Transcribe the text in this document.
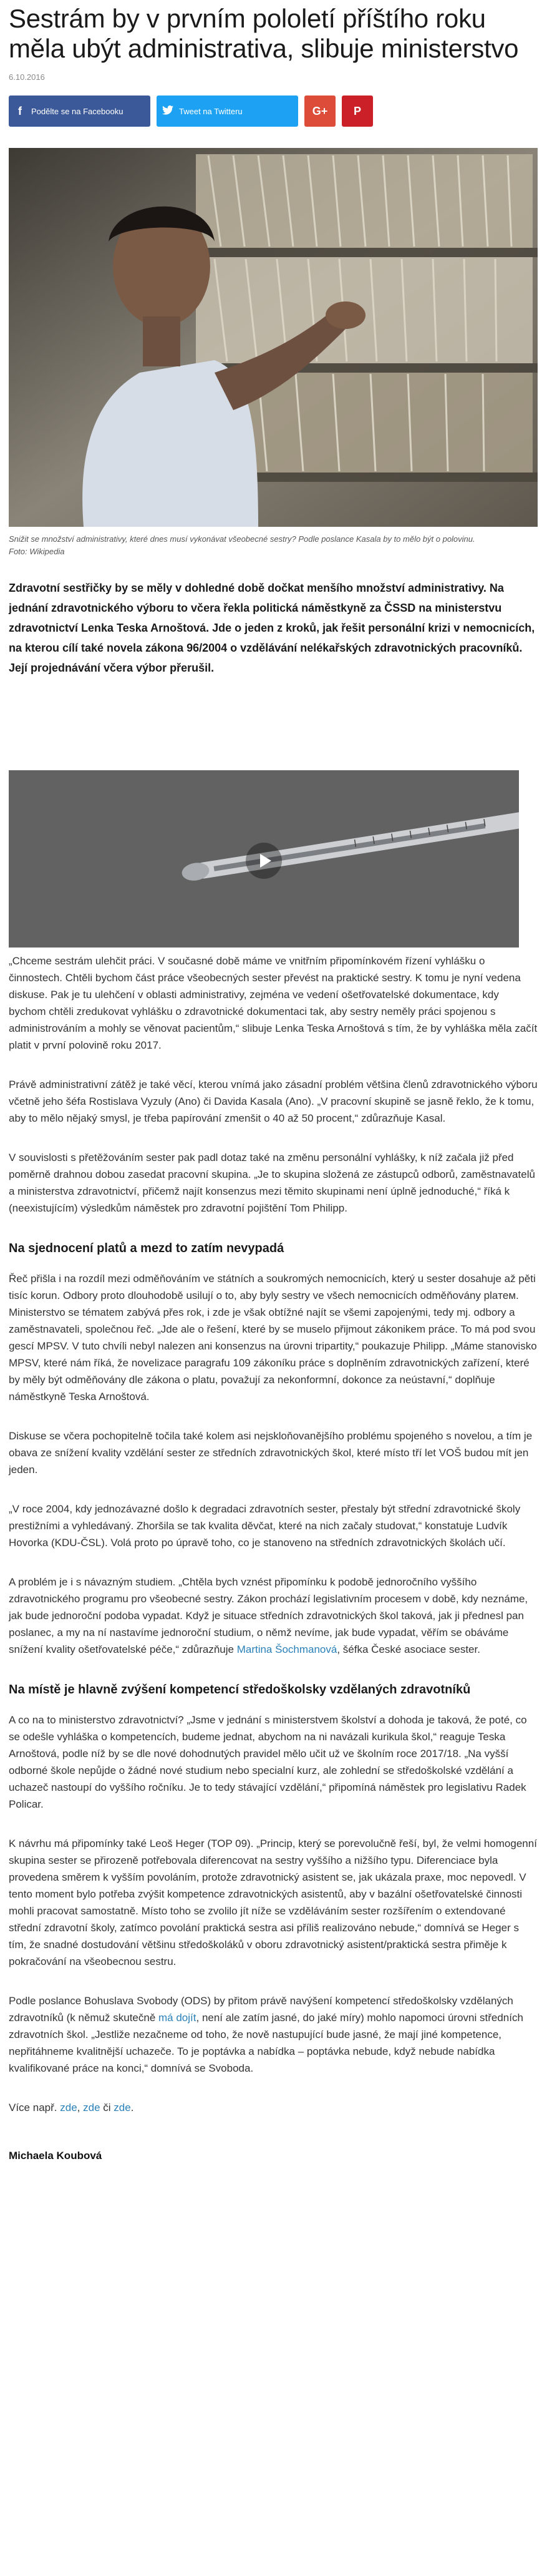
Sestrám by v prvním pololetí příštího roku měla ubýt administrativa, slibuje ministerstvo
6.10.2016
f	Podělte se na Facebooku	Tweet na Twitteru	G+ P

Snižit se množství administrativy, které dnes musí vykonávat všeobecné sestry? Podle poslance Kasala by to mělo být o polovinu. Foto: Wikipedia

Zdravotní sestřičky by se měly v dohledné době dočkat menšího množství administrativy. Na jednání zdravotnického výboru to včera řekla politická náměstkyně za ČSSD na ministerstvu zdravotnictví Lenka Teska Arnoštová. Jde o jeden z kroků, jak řešit personální krizi v nemocnicích, na kterou cílí také novela zákona 96/2004 o vzdělávání nelékařských zdravotnických pracovníků. Její projednávání včera výbor přerušil.

„Chceme sestrám ulehčit práci. V současné době máme ve vnitřním připomínkovém řízení vyhlášku o činnostech. Chtěli bychom část práce všeobecných sester převést na praktické sestry. K tomu je nyní vedena diskuse. Pak je tu ulehčení v oblasti administrativy, zejména ve vedení ošetřovatelské dokumentace, kdy bychom chtěli zredukovat vyhlášku o zdravotnické dokumentaci tak, aby sestry neměly práci spojenou s administrováním a mohly se věnovat pacientům,“ slibuje Lenka Teska Arnoštová s tím, že by vyhláška měla začít platit v první polovině roku 2017.

Právě administrativní zátěž je také věcí, kterou vnímá jako zásadní problém většina členů zdravotnického výboru včetně jeho šéfa Rostislava Vyzuly (Ano) či Davida Kasala (Ano). „V pracovní skupině se jasně řeklo, že k tomu, aby to mělo nějaký smysl, je třeba papírování zmenšit o 40 až 50 procent,“ zdůrazňuje Kasal.

V souvislosti s přetěžováním sester pak padl dotaz také na změnu personální vyhlášky, k níž začala již před poměrně drahnou dobou zasedat pracovní skupina. „Je to skupina složená ze zástupců odborů, zaměstnavatelů a ministerstva zdravotnictví, přičemž najít konsenzus mezi těmito skupinami není úplně jednoduché,“ říká k (neexistujícím) výsledkům náměstek pro zdravotní pojištění Tom Philipp.

Na sjednocení platů a mezd to zatím nevypadá

Řeč přišla i na rozdíl mezi odměňováním ve státních a soukromých nemocnicích, který u sester dosahuje až pěti tisíc korun. Odbory proto dlouhodobě usilují o to, aby byly sestry ve všech nemocnicích odměňovány plaтем. Ministerstvo se tématem zabývá přes rok, i zde je však obtížné najít se všemi zapojenými, tedy mj. odbory a zaměstnavateli, společnou řeč. „Jde ale o řešení, které by se muselo přijmout zákonikem práce. To má pod svou gescí MPSV. V tuto chvíli nebyl nalezen ani konsenzus na úrovni tripartity,“ poukazuje Philipp. „Máme stanovisko MPSV, které nám říká, že novelizace paragrafu 109 zákoníku práce s doplněním zdravotnických zařízení, které by měly být odměňovány dle zákona o platu, považují za nekonformní, dokonce za neústavní,“ doplňuje náměstkyně Teska Arnoštová.

Diskuse se včera pochopitelně točila také kolem asi nejskloňovanějšího problému spojeného s novelou, a tím je obava ze snížení kvality vzdělání sester ze středních zdravotnických škol, které místo tří let VOŠ budou mít jen jeden.

„V roce 2004, kdy jednozávazné došlo k degradaci zdravotních sester, přestaly být střední zdravotnické školy prestižními a vyhledávaný. Zhoršila se tak kvalita děvčat, které na nich začaly studovat,“ konstatuje Ludvík Hovorka (KDU-ČSL). Volá proto po úpravě toho, co je stanoveno na středních zdravotnických školách učí.

A problém je i s návazným studiem. „Chtěla bych vznést připomínku k podobě jednoročního vyššího zdravotnického programu pro všeobecné sestry. Zákon prochází legislativním procesem v době, kdy neznáme, jak bude jednoroční podoba vypadat. Když je situace středních zdravotnických škol taková, jak ji přednesl pan poslanec, a my na ní nastavíme jednoroční studium, o němž nevíme, jak bude vypadat, věřím se obáváme snížení kvality ošetřovatelské péče,“ zdůrazňuje Martina Šochmanová, šéfka České asociace sester.

Na místě je hlavně zvýšení kompetencí středoškolsky vzdělaných zdravotníků

A co na to ministerstvo zdravotnictví? „Jsme v jednání s ministerstvem školství a dohoda je taková, že poté, co se odešle vyhláška o kompetencích, budeme jednat, abychom na ni navázali kurikula škol,“ reaguje Teska Arnoštová, podle níž by se dle nové dohodnutých pravidel mělo učit už ve školním roce 2017/18. „Na vyšší odborné škole nepůjde o žádné nové studium nebo specialní kurz, ale zohlední se středoškolské vzdělání a uchazeč nastoupí do vyššího ročníku. Je to tedy stávající vzdělání,“ připomíná náměstek pro legislativu Radek Policar.

K návrhu má připomínky také Leoš Heger (TOP 09). „Princip, který se porevolučně řeší, byl, že velmi homogenní skupina sester se přirozeně potřebovala diferencovat na sestry vyššího a nižšího typu. Diferenciace byla provedena směrem k vyšším povoláním, protože zdravotnický asistent se, jak ukázala praxe, moc nepovedl. V tento moment bylo potřeba zvýšit kompetence zdravotnických asistentů, aby v bazální ošetřovatelské činnosti mohli pracovat samostatně. Místo toho se zvolilo jít níže se vzděláváním sester rozšířením o extendované střední zdravotní školy, zatímco povolání praktická sestra asi příliš realizováno nebude,“ domnívá se Heger s tím, že snadné dostudování většinu středoškoláků v oboru zdravotnický asistent/praktická sestra přiměje k pokračování na všeobecnou sestru.

Podle poslance Bohuslava Svobody (ODS) by přitom právě navýšení kompetencí středoškolsky vzdělaných zdravotníků (k němuž skutečně má dojít, není ale zatím jasné, do jaké míry) mohlo napomoci úrovni středních zdravotních škol. „Jestliže nezačneme od toho, že nově nastupující bude jasné, že mají jiné kompetence, nepřitáhneme kvalitnější uchazeče. To je poptávka a nabídka – poptávka nebude, když nebude nabídka kvalifikované práce na konci,“ domnívá se Svoboda.

Více např. zde, zde či zde.

Michaela Koubová
